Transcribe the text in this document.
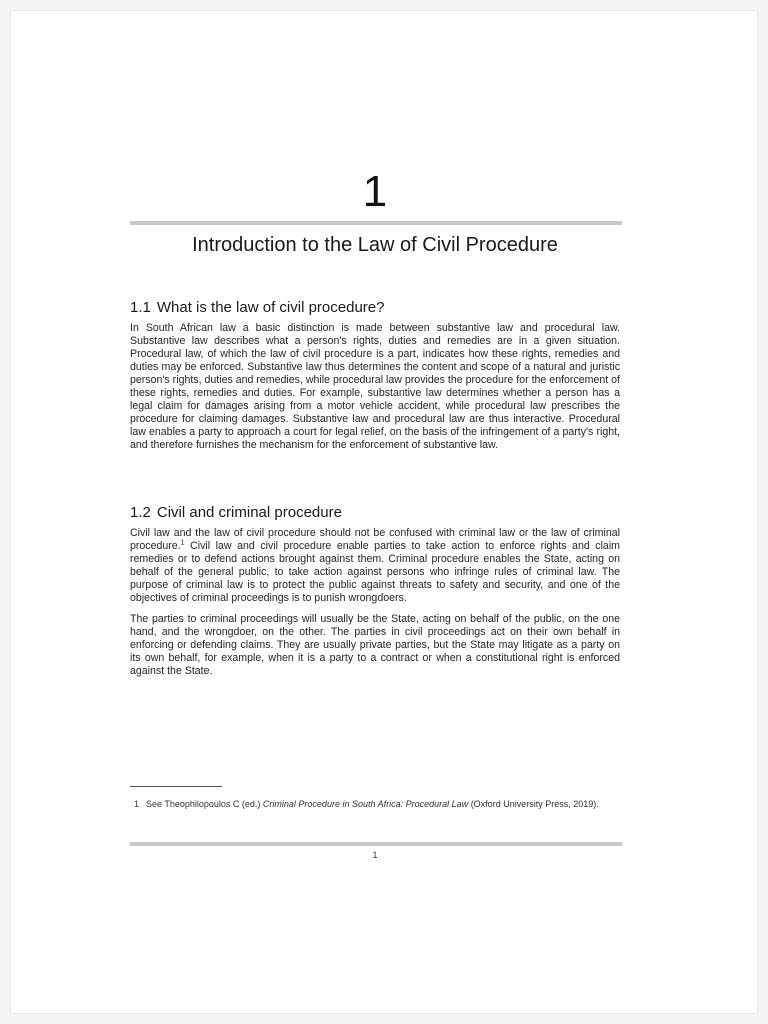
1
Introduction to the Law of Civil Procedure
1.1 What is the law of civil procedure?

In South African law a basic distinction is made between substantive law and procedural law. Substantive law describes what a person's rights, duties and remedies are in a given situation. Procedural law, of which the law of civil procedure is a part, indicates how these rights, remedies and duties may be enforced. Substantive law thus determines the content and scope of a natural and juristic person's rights, duties and remedies, while procedural law provides the procedure for the enforcement of these rights, remedies and duties. For example, substantive law determines whether a person has a legal claim for damages arising from a motor vehicle accident, while procedural law prescribes the procedure for claiming damages. Substantive law and procedural law are thus interactive. Procedural law enables a party to approach a court for legal relief, on the basis of the infringement of a party's right, and therefore furnishes the mechanism for the enforcement of substantive law.

1.2 Civil and criminal procedure

Civil law and the law of civil procedure should not be confused with criminal law or the law of criminal procedure.$^1$ Civil law and civil procedure enable parties to take action to enforce rights and claim remedies or to defend actions brought against them. Criminal procedure enables the State, acting on behalf of the general public, to take action against persons who infringe rules of criminal law. The purpose of criminal law is to protect the public against threats to safety and security, and one of the objectives of criminal proceedings is to punish wrongdoers.

The parties to criminal proceedings will usually be the State, acting on behalf of the public, on the one hand, and the wrongdoer, on the other. The parties in civil proceedings act on their own behalf in enforcing or defending claims. They are usually private parties, but the State may litigate as a party on its own behalf, for example, when it is a party to a contract or when a constitutional right is enforced against the State.

1 See Theophilopoulos C (ed.) Criminal Procedure in South Africa: Procedural Law (Oxford University Press, 2019).
1
